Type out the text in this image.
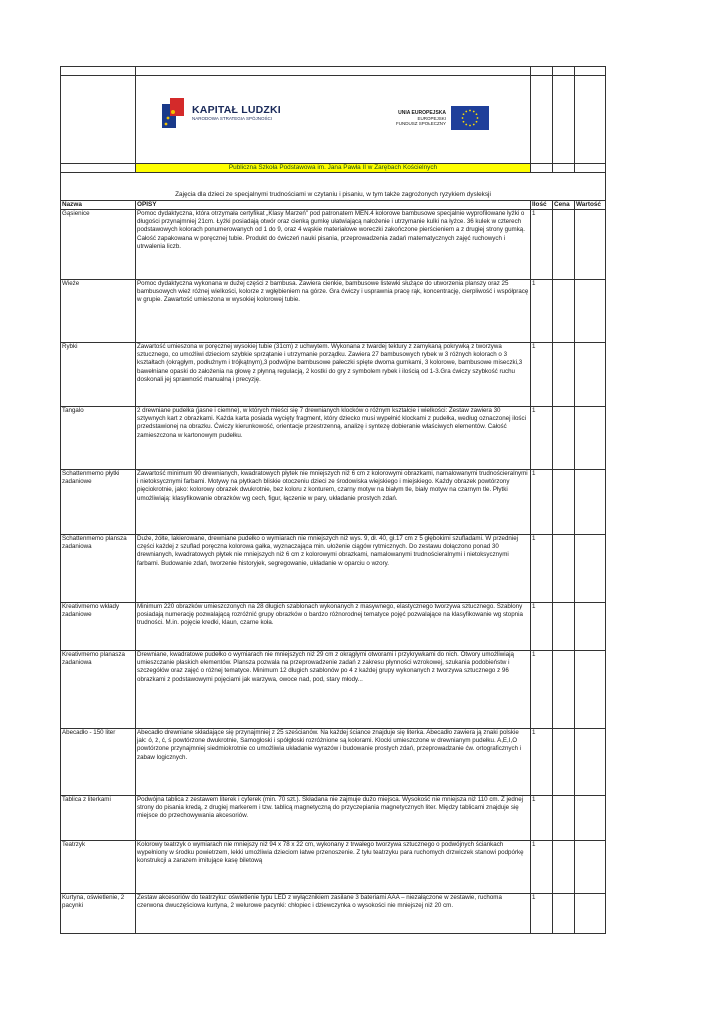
	KAPITAŁ LUDZKI
NARODOWA STRATEGIA SPÓJNOŚCI
UNIA EUROPEJSKA
EUROPEJSKI
FUNDUSZ SPOŁECZNY			

	Publiczna Szkoła Podstawowa im. Jana Pawła II w Zarębach Kościelnych			
Zajęcia dla dzieci ze specjalnymi trudnościami w czytaniu i pisaniu, w tym także zagrożonych ryzykiem dysleksji				
Nazwa	OPISY	Ilość	Cena	Wartość
Gąsienice	Pomoc dydaktyczna, która otrzymała certyfikat „Klasy Marzeń" pod patronatem MEN.4 kolorowe bambusowe specjalnie wyprofilowane łyżki o długości przynajmniej 21cm. Łyżki posiadają otwór oraz cienką gumkę ułatwiającą nałożenie i utrzymanie kulki na łyżce. 36 kulek w czterech podstawowych kolorach ponumerowanych od 1 do 9, oraz 4 wąskie materiałowe woreczki zakończone pierścieniem a z drugiej strony gumką. Całość zapakowana w poręcznej tubie. Produkt do ćwiczeń nauki pisania, przeprowadzenia zadań matematycznych zajęć ruchowych i utrwalenia liczb.	1		
Wieże	Pomoc dydaktyczna wykonana w dużej części z bambusa. Zawiera cienkie, bambusowe listewki służące do utworzenia planszy oraz 25 bambusowych wież różnej wielkości, kolorze z wgłębieniem na górze. Gra ćwiczy i usprawnia pracę rąk, koncentrację, cierpliwość i współpracę w grupie. Zawartość umieszona w wysokiej kolorowej tubie.	1		
Rybki	Zawartość umieszona w poręcznej wysokiej tubie (31cm) z uchwytem. Wykonana z twardej tektury z zamykaną pokrywką z tworzywa sztucznego, co umożliwi dzieciom szybkie sprzątanie i utrzymanie porządku. Zawiera 27 bambusowych rybek w 3 różnych kolorach o 3 kształtach (okrągłym, podłużnym i trójkątnym),3 podwójne bambusowe pałeczki spięte dwoma gumkami, 3 kolorowe, bambusowe miseczki,3 bawełniane opaski do założenia na głowę z płynną regulacją, 2 kostki do gry z symbolem rybek i ilością od 1-3.Gra ćwiczy szybkość ruchu doskonali jej sprawność manualną i precyzję.	1		
Tangalo	2 drewniane pudełka (jasne i ciemne), w których mieści się 7 drewnianych klocków o różnym kształcie i wielkości: Zestaw zawiera 30 sztywnych kart z obrazkami. Każda karta posiada wycięty fragment, który dziecko musi wypełnić klockami z pudełka, według oznaczonej ilości przedstawionej na obrazku. Ćwiczy kierunkowość, orientacje przestrzenną, analizę i syntezę dobieranie właściwych elementów. Całość zamieszczona w kartonowym pudełku.	1		
Schattenmemo płytki zadaniowe	Zawartość minimum 90 drewnianych, kwadratowych płytek nie mniejszych niż 6 cm z kolorowymi obrazkami, namalowanymi trudnościeralnymi i nietoksycznymi farbami. Motywy na płytkach bliskie otoczeniu dzieci ze środowiska wiejskiego i miejskiego. Każdy obrazek powtórzony pięciokrotnie, jako: kolorowy obrazek dwukrotnie, bez koloru z konturem, czarny motyw na białym tle, biały motyw na czarnym tle. Płytki umożliwiają: klasyfikowanie obrazków wg cech, figur, łączenie w pary, układanie prostych zdań.	1		
Schattenmemo plansza zadaniowa	Duże, żółte, lakierowane, drewniane pudełko o wymiarach nie mniejszych niż wys. 9, dł. 40, gł.17 cm z 5 głębokimi szufladami. W przedniej części każdej z szuflad poręczna kolorowa gałka, wyznaczająca min. ułożenie ciągów rytmicznych. Do zestawu dołączono ponad 30 drewnianych, kwadratowych płytek nie mniejszych niż 6 cm z kolorowymi obrazkami, namalowanymi trudnościeralnymi i nietoksycznymi farbami. Budowanie zdań, tworzenie historyjek, segregowanie, układanie w oparciu o wzory.	1		
Kreativmemo wkłady zadaniowe	Minimum 220 obrazków umieszczonych na 28 długich szablonach wykonanych z masywnego, elastycznego tworzywa sztucznego. Szablony posiadają numerację pozwalającą rozróżnić grupy obrazków o bardzo różnorodnej tematyce pojęć pozwalające na klasyfikowanie wg stopnia trudności. M.in. pojęcie kredki, klaun, czarne koła.	1		
Kreativmemo planasza zadaniowa	Drewniane, kwadratowe pudełko o wymiarach nie mniejszych niż 29 cm z okrągłymi otworami i przykrywkami do nich. Otwory umożliwiają umieszczanie płaskich elementów. Plansza pozwala na przeprowadzenie zadań z zakresu płynności wzrokowej, szukania podobieństw i szczegółów oraz zajęć o różnej tematyce. Minimum 12 długich szablonów po 4 z każdej grupy wykonanych z tworzywa sztucznego z 96 obrazkami z podstawowymi pojęciami jak warzywa, owoce nad, pod, stary młody...	1		
Abecadło - 150 liter	Abecadło drewniane składające się przynajmniej z 25 sześcianów. Na każdej ściance znajduje się literka. Abecadło zawiera ją znaki polskie jak: ó, ż, ć, ś powtórzone dwukrotnie, Samogłoski i spółgłoski rozróżnione są kolorami. Klocki umieszczone w drewnianym pudełku. A,E,I,O powtórzone przynajmniej siedmiokrotnie co umożliwia układanie wyrazów i budowanie prostych zdań, przeprowadzanie ćw. ortograficznych i zabaw logicznych.	1		
Tablica z literkami	Podwójna tablica z zestawem literek i cyferek (min. 70 szt.). Składana nie zajmuje dużo miejsca. Wysokość nie mniejsza niż 110 cm. Z jednej strony do pisania kredą, z drugiej markerem i tzw. tablicą magnetyczną do przyczepiania magnetycznych liter. Między tablicami znajduje się miejsce do przechowywania akcesoriów.	1		
Teatrzyk	Kolorowy teatrzyk o wymiarach nie mniejszy niż 94 x 78 x 22 cm, wykonany z trwałego tworzywa sztucznego o podwójnych ściankach wypełniony w środku powietrzem, lekki umożliwia dzieciom łatwe przenoszenie. Z tyłu teatrzyku para ruchomych drzwiczek stanowi podpórkę konstrukcji a zarazem imitujące kasę biletową	1		
Kurtyna, oświetlenie, 2 pacynki	Zestaw akcesoriów do teatrzyku: oświetlenie typu LED z wyłącznikiem zasilane 3 bateriami AAA – niezałączone w zestawie, ruchoma czerwona dwuczęściowa kurtyna, 2 welurowe pacynki: chłopiec i dziewczynka o wysokości nie mniejszej niż 20 cm.	1		
